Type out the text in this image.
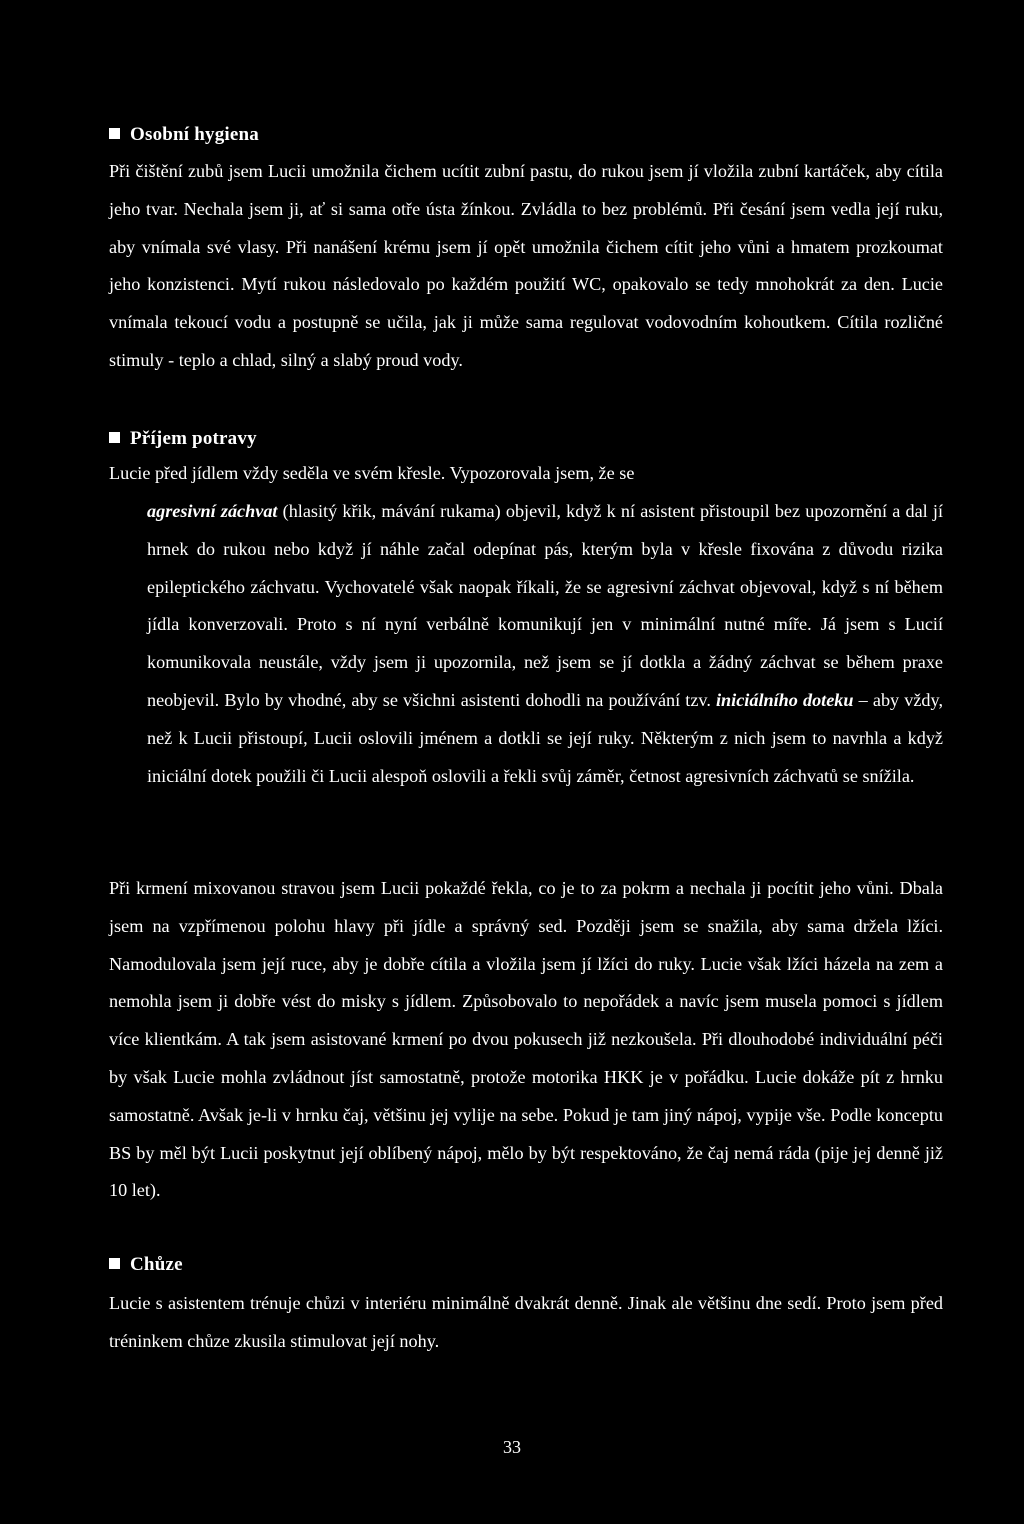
Osobní hygiena

Při čištění zubů jsem Lucii umožnila čichem ucítit zubní pastu, do rukou jsem jí vložila zubní kartáček, aby cítila jeho tvar. Nechala jsem ji, ať si sama otře ústa žínkou. Zvládla to bez problémů. Při česání jsem vedla její ruku, aby vnímala své vlasy. Při nanášení krému jsem jí opět umožnila čichem cítit jeho vůni a hmatem prozkoumat jeho konzistenci. Mytí rukou následovalo po každém použití WC, opakovalo se tedy mnohokrát za den. Lucie vnímala tekoucí vodu a postupně se učila, jak ji může sama regulovat vodovodním kohoutkem. Cítila rozličné stimuly - teplo a chlad, silný a slabý proud vody.

Příjem potravy

Lucie před jídlem vždy seděla ve svém křesle. Vypozorovala jsem, že se

agresivní záchvat (hlasitý křik, mávání rukama) objevil, když k ní asistent přistoupil bez upozornění a dal jí hrnek do rukou nebo když jí náhle začal odepínat pás, kterým byla v křesle fixována z důvodu rizika epileptického záchvatu. Vychovatelé však naopak říkali, že se agresivní záchvat objevoval, když s ní během jídla konverzovali. Proto s ní nyní verbálně komunikují jen v minimální nutné míře. Já jsem s Lucií komunikovala neustále, vždy jsem ji upozornila, než jsem se jí dotkla a žádný záchvat se během praxe neobjevil. Bylo by vhodné, aby se všichni asistenti dohodli na používání tzv. iniciálního doteku – aby vždy, než k Lucii přistoupí, Lucii oslovili jménem a dotkli se její ruky. Některým z nich jsem to navrhla a když iniciální dotek použili či Lucii alespoň oslovili a řekli svůj záměr, četnost agresivních záchvatů se snížila.

Při krmení mixovanou stravou jsem Lucii pokaždé řekla, co je to za pokrm a nechala ji pocítit jeho vůni. Dbala jsem na vzpřímenou polohu hlavy při jídle a správný sed. Později jsem se snažila, aby sama držela lžíci. Namodulovala jsem její ruce, aby je dobře cítila a vložila jsem jí lžíci do ruky. Lucie však lžíci házela na zem a nemohla jsem ji dobře vést do misky s jídlem. Způsobovalo to nepořádek a navíc jsem musela pomoci s jídlem více klientkám. A tak jsem asistované krmení po dvou pokusech již nezkoušela. Při dlouhodobé individuální péči by však Lucie mohla zvládnout jíst samostatně, protože motorika HKK je v pořádku. Lucie dokáže pít z hrnku samostatně. Avšak je-li v hrnku čaj, většinu jej vylije na sebe. Pokud je tam jiný nápoj, vypije vše. Podle konceptu BS by měl být Lucii poskytnut její oblíbený nápoj, mělo by být respektováno, že čaj nemá ráda (pije jej denně již 10 let).

Chůze

Lucie s asistentem trénuje chůzi v interiéru minimálně dvakrát denně. Jinak ale většinu dne sedí. Proto jsem před tréninkem chůze zkusila stimulovat její nohy.

33
